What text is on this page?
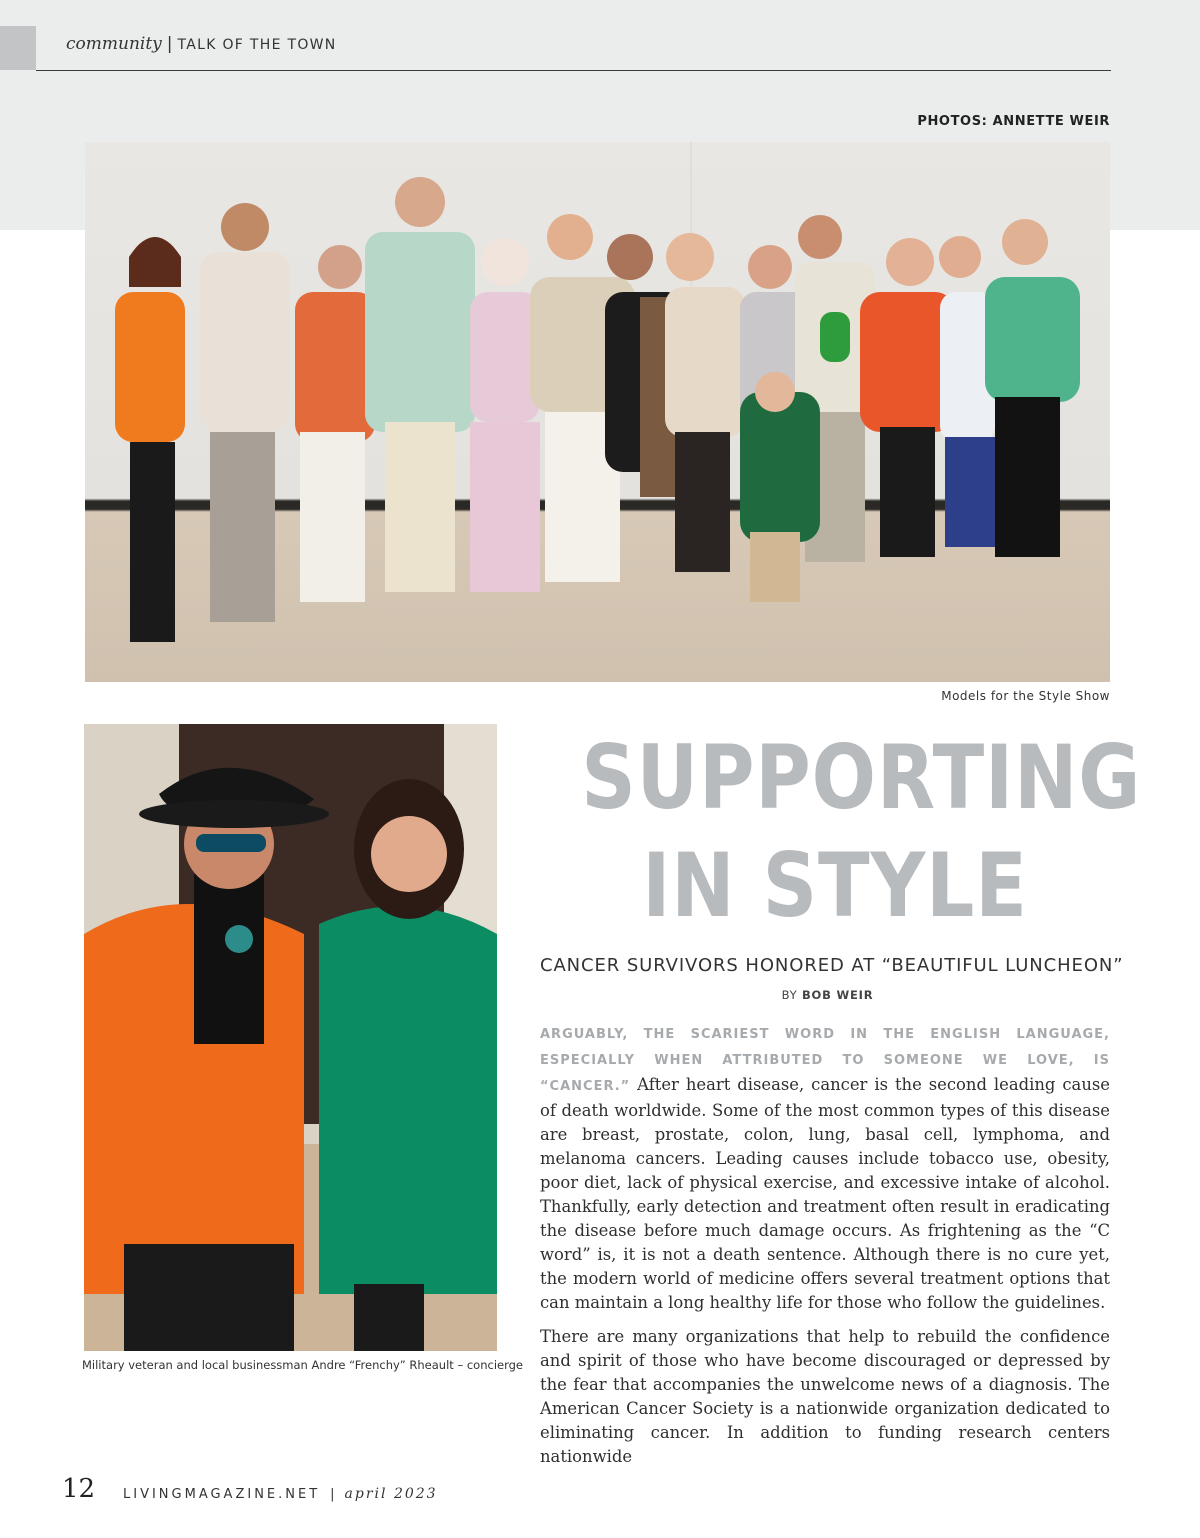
community | TALK OF THE TOWN
PHOTOS: ANNETTE WEIR
Models for the Style Show
Military veteran and local businessman Andre “Frenchy” Rheault – concierge
SUPPORTING
IN STYLE
CANCER SURVIVORS HONORED AT “BEAUTIFUL LUNCHEON”
BY BOB WEIR

ARGUABLY, THE SCARIEST WORD IN THE ENGLISH LANGUAGE, ESPECIALLY WHEN ATTRIBUTED TO SOMEONE WE LOVE, IS “CANCER.” After heart disease, cancer is the second leading cause of death worldwide. Some of the most common types of this disease are breast, prostate, colon, lung, basal cell, lymphoma, and melanoma cancers. Leading causes include tobacco use, obesity, poor diet, lack of physical exercise, and excessive intake of alcohol. Thankfully, early detection and treatment often result in eradicating the disease before much damage occurs. As frightening as the “C word” is, it is not a death sentence. Although there is no cure yet, the modern world of medicine offers several treatment options that can maintain a long healthy life for those who follow the guidelines.

There are many organizations that help to rebuild the confidence and spirit of those who have become discouraged or depressed by the fear that accompanies the unwelcome news of a diagnosis. The American Cancer Society is a nationwide organization dedicated to eliminating cancer. In addition to funding research centers nationwide

12 LIVINGMAGAZINE.NET | april 2023
